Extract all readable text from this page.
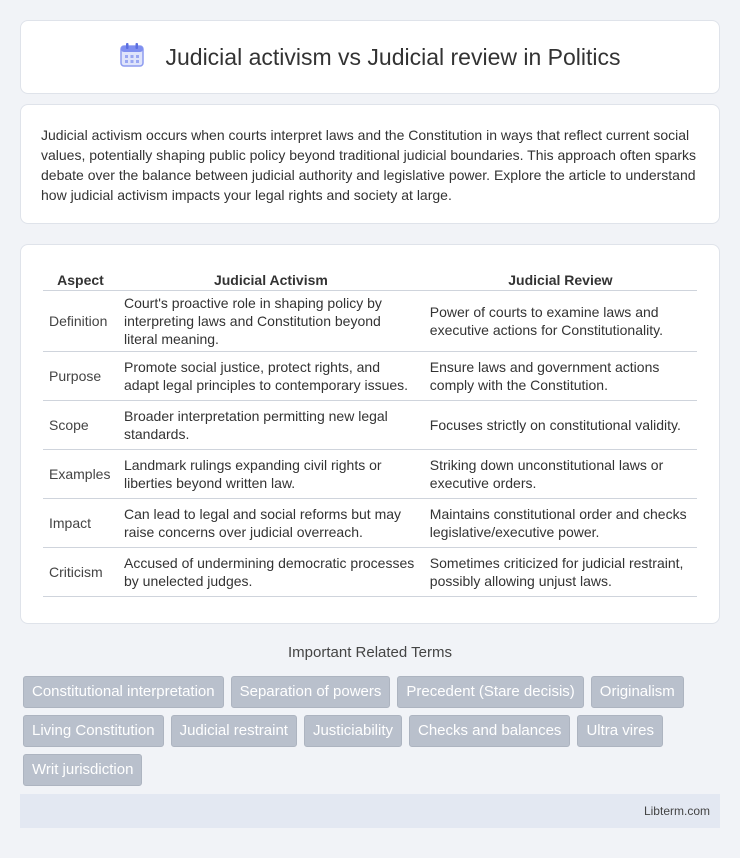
Judicial activism vs Judicial review in Politics

Judicial activism occurs when courts interpret laws and the Constitution in ways that reflect current social values, potentially shaping public policy beyond traditional judicial boundaries. This approach often sparks debate over the balance between judicial authority and legislative power. Explore the article to understand how judicial activism impacts your legal rights and society at large.

Aspect	Judicial Activism	Judicial Review
Definition	Court's proactive role in shaping policy by interpreting laws and Constitution beyond literal meaning.	Power of courts to examine laws and executive actions for Constitutionality.
Purpose	Promote social justice, protect rights, and adapt legal principles to contemporary issues.	Ensure laws and government actions comply with the Constitution.
Scope	Broader interpretation permitting new legal standards.	Focuses strictly on constitutional validity.
Examples	Landmark rulings expanding civil rights or liberties beyond written law.	Striking down unconstitutional laws or executive orders.
Impact	Can lead to legal and social reforms but may raise concerns over judicial overreach.	Maintains constitutional order and checks legislative/executive power.
Criticism	Accused of undermining democratic processes by unelected judges.	Sometimes criticized for judicial restraint, possibly allowing unjust laws.
Important Related Terms
Constitutional interpretation	Separation of powers	Precedent (Stare decisis)	Originalism
Living Constitution	Judicial restraint	Justiciability	Checks and balances	Ultra vires
Writ jurisdiction
Libterm.com
